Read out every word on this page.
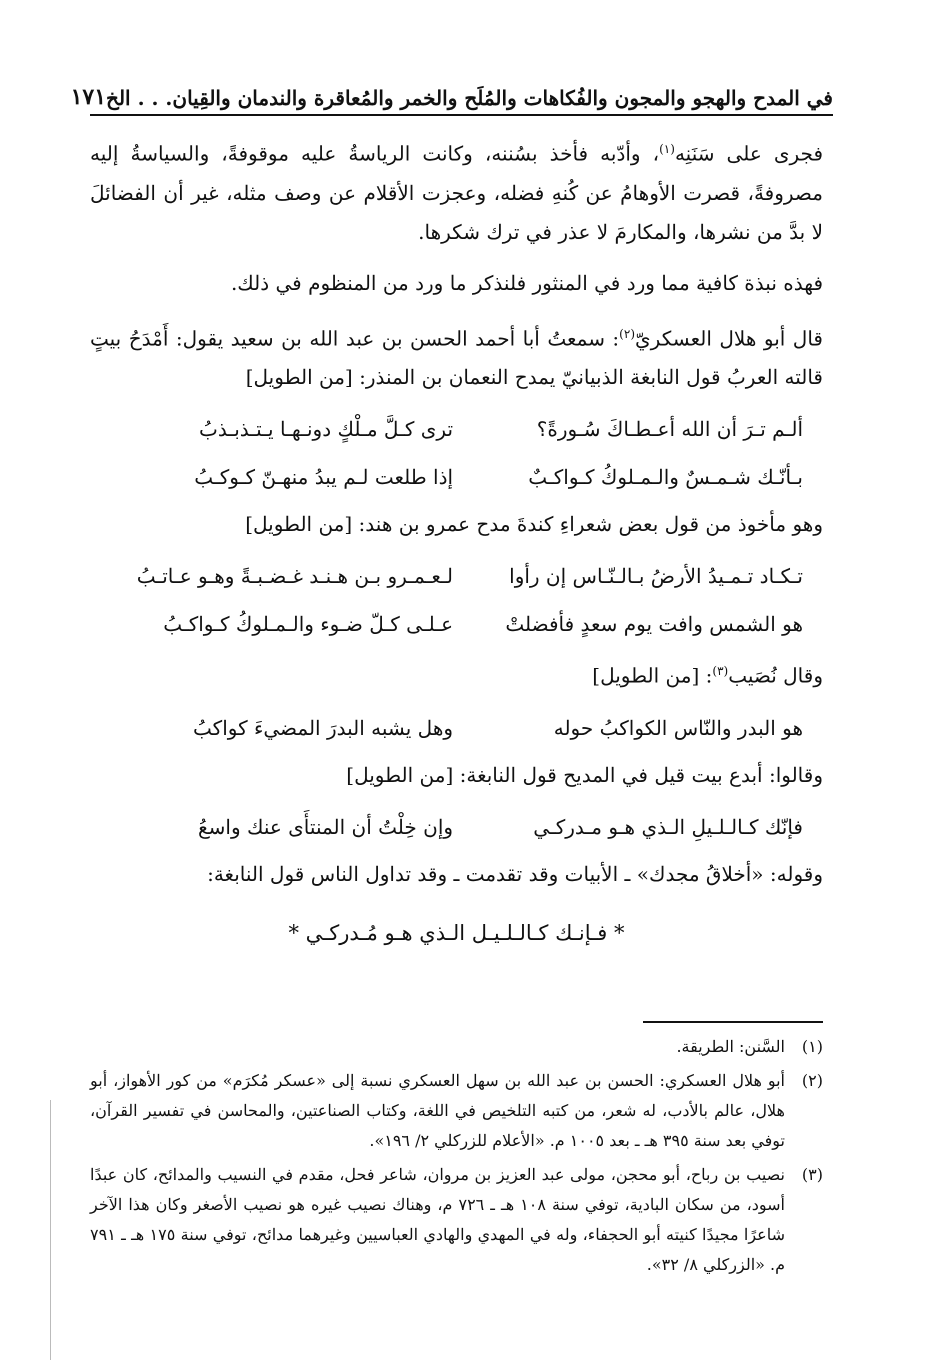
في المدح والهجو والمجون والفُكاهات والمُلَح والخمر والمُعاقرة والندمان والقِيان. . . الخ
١٧١

فجرى على سَنَنِه$^{(١)}$، وأدّبه فأخذ بسُننه، وكانت الرياسةُ عليه موقوفةً، والسياسةُ إليه مصروفةً، قصرت الأوهامُ عن كُنهِ فضله، وعجزت الأقلام عن وصف مثله، غير أن الفضائلَ لا بدَّ من نشرها، والمكارمَ لا عذر في ترك شكرها.

فهذه نبذة كافية مما ورد في المنثور فلنذكر ما ورد من المنظوم في ذلك.

قال أبو هلال العسكريّ$^{(٢)}$: سمعتُ أبا أحمد الحسن بن عبد الله بن سعيد يقول: أَمْدَحُ بيتٍ قالته العربُ قول النابغة الذبيانيّ يمدح النعمان بن المنذر: [من الطويل]

ألـم تـرَ أن الله أعـطـاكَ سُـورةً؟
ترى كـلَّ مـلْكٍ دونـهـا يـتـذبـذبُ
بـأنّـك شـمـسٌ والـمـلوكُ كـواكـبٌ
إذا طلعت لـم يبدُ منهـنّ كـوكـبُ

وهو مأخوذ من قول بعض شعراءِ كندةَ مدح عمرو بن هند: [من الطويل]

تـكـاد تـمـيدُ الأرضُ بـالـنّـاس إن رأوا
لـعـمـرو بـن هـنـد غـضـبـةً وهـو عـاتـبُ
هو الشمس وافت يوم سعدٍ فأفضلتْ
عـلـى كـلّ ضـوء والـمـلوكُ كـواكـبُ

وقال نُصَيب$^{(٣)}$: [من الطويل]

هو البدر والنّاس الكواكبُ حوله
وهل يشبه البدرَ المضيءَ كواكبُ

وقالوا: أبدع بيت قيل في المديح قول النابغة: [من الطويل]

فإنّك كـالـلـيلِ الـذي هـو مـدركـي
وإن خِلْتُ أن المنتأَى عنك واسعُ

وقوله: «أخلاقُ مجدك» ـ الأبيات وقد تقدمت ـ وقد تداول الناس قول النابغة:

* فـإنـك كـالـلـيـل الـذي هـو مُـدركـي *
(١)
السَّنن: الطريقة.
(٢)
أبو هلال العسكري: الحسن بن عبد الله بن سهل العسكري نسبة إلى «عسكر مُكرَم» من كور الأهواز، أبو هلال، عالم بالأدب، له شعر، من كتبه التلخيص في اللغة، وكتاب الصناعتين، والمحاسن في تفسير القرآن، توفي بعد سنة ٣٩٥ هـ ـ بعد ١٠٠٥ م. «الأعلام للزركلي ٢/ ١٩٦».
(٣)
نصيب بن رباح، أبو محجن، مولى عبد العزيز بن مروان، شاعر فحل، مقدم في النسيب والمدائح، كان عبدًا أسود، من سكان البادية، توفي سنة ١٠٨ هـ ـ ٧٢٦ م، وهناك نصيب غيره هو نصيب الأصغر وكان هذا الآخر شاعرًا مجيدًا كنيته أبو الحجفاء، وله في المهدي والهادي العباسيين وغيرهما مدائح، توفي سنة ١٧٥ هـ ـ ٧٩١ م. «الزركلي ٨/ ٣٢».
